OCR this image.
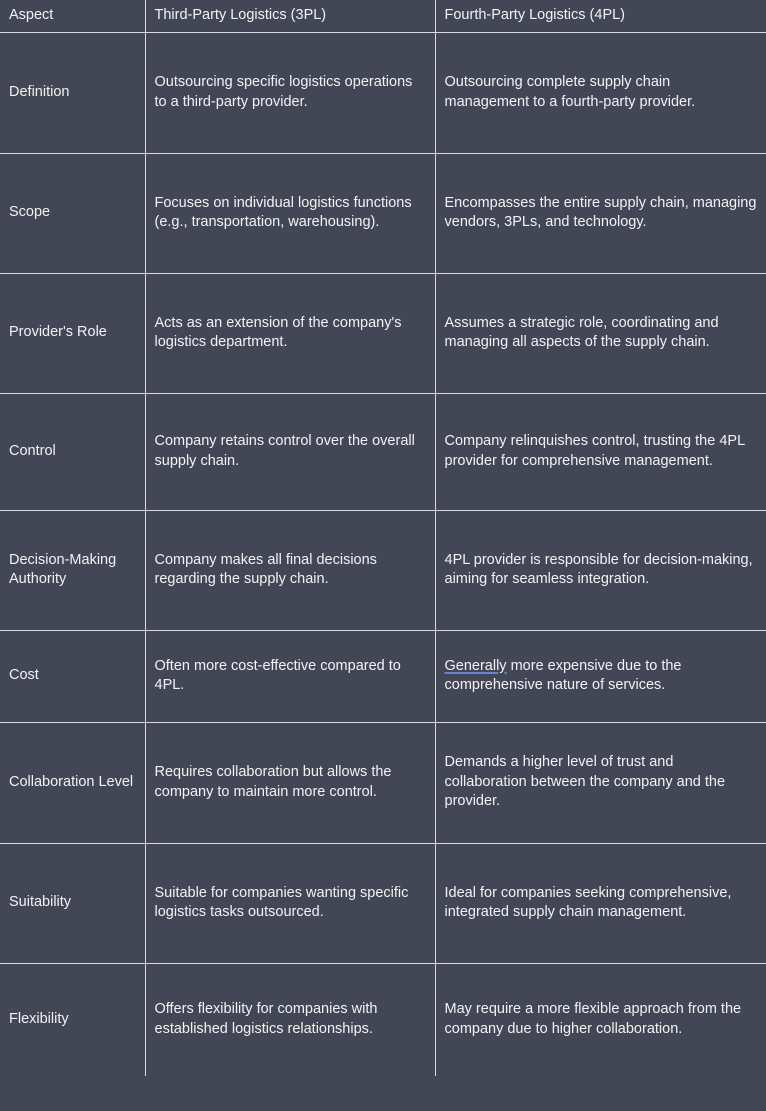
Aspect	Third-Party Logistics (3PL)	Fourth-Party Logistics (4PL)

Definition	Outsourcing specific logistics operations to a third-party provider.	Outsourcing complete supply chain management to a fourth-party provider.

Scope	Focuses on individual logistics functions (e.g., transportation, warehousing).	Encompasses the entire supply chain, managing vendors, 3PLs, and technology.

Provider's Role	Acts as an extension of the company's logistics department.	Assumes a strategic role, coordinating and managing all aspects of the supply chain.

Control	Company retains control over the overall supply chain.	Company relinquishes control, trusting the 4PL provider for comprehensive management.

Decision-Making Authority	Company makes all final decisions regarding the supply chain.	4PL provider is responsible for decision-making, aiming for seamless integration.

Cost	Often more cost-effective compared to 4PL.	Generally more expensive due to the comprehensive nature of services.

Collaboration Level	Requires collaboration but allows the company to maintain more control.	Demands a higher level of trust and collaboration between the company and the provider.

Suitability	Suitable for companies wanting specific logistics tasks outsourced.	Ideal for companies seeking comprehensive, integrated supply chain management.

Flexibility	Offers flexibility for companies with established logistics relationships.	May require a more flexible approach from the company due to higher collaboration.
